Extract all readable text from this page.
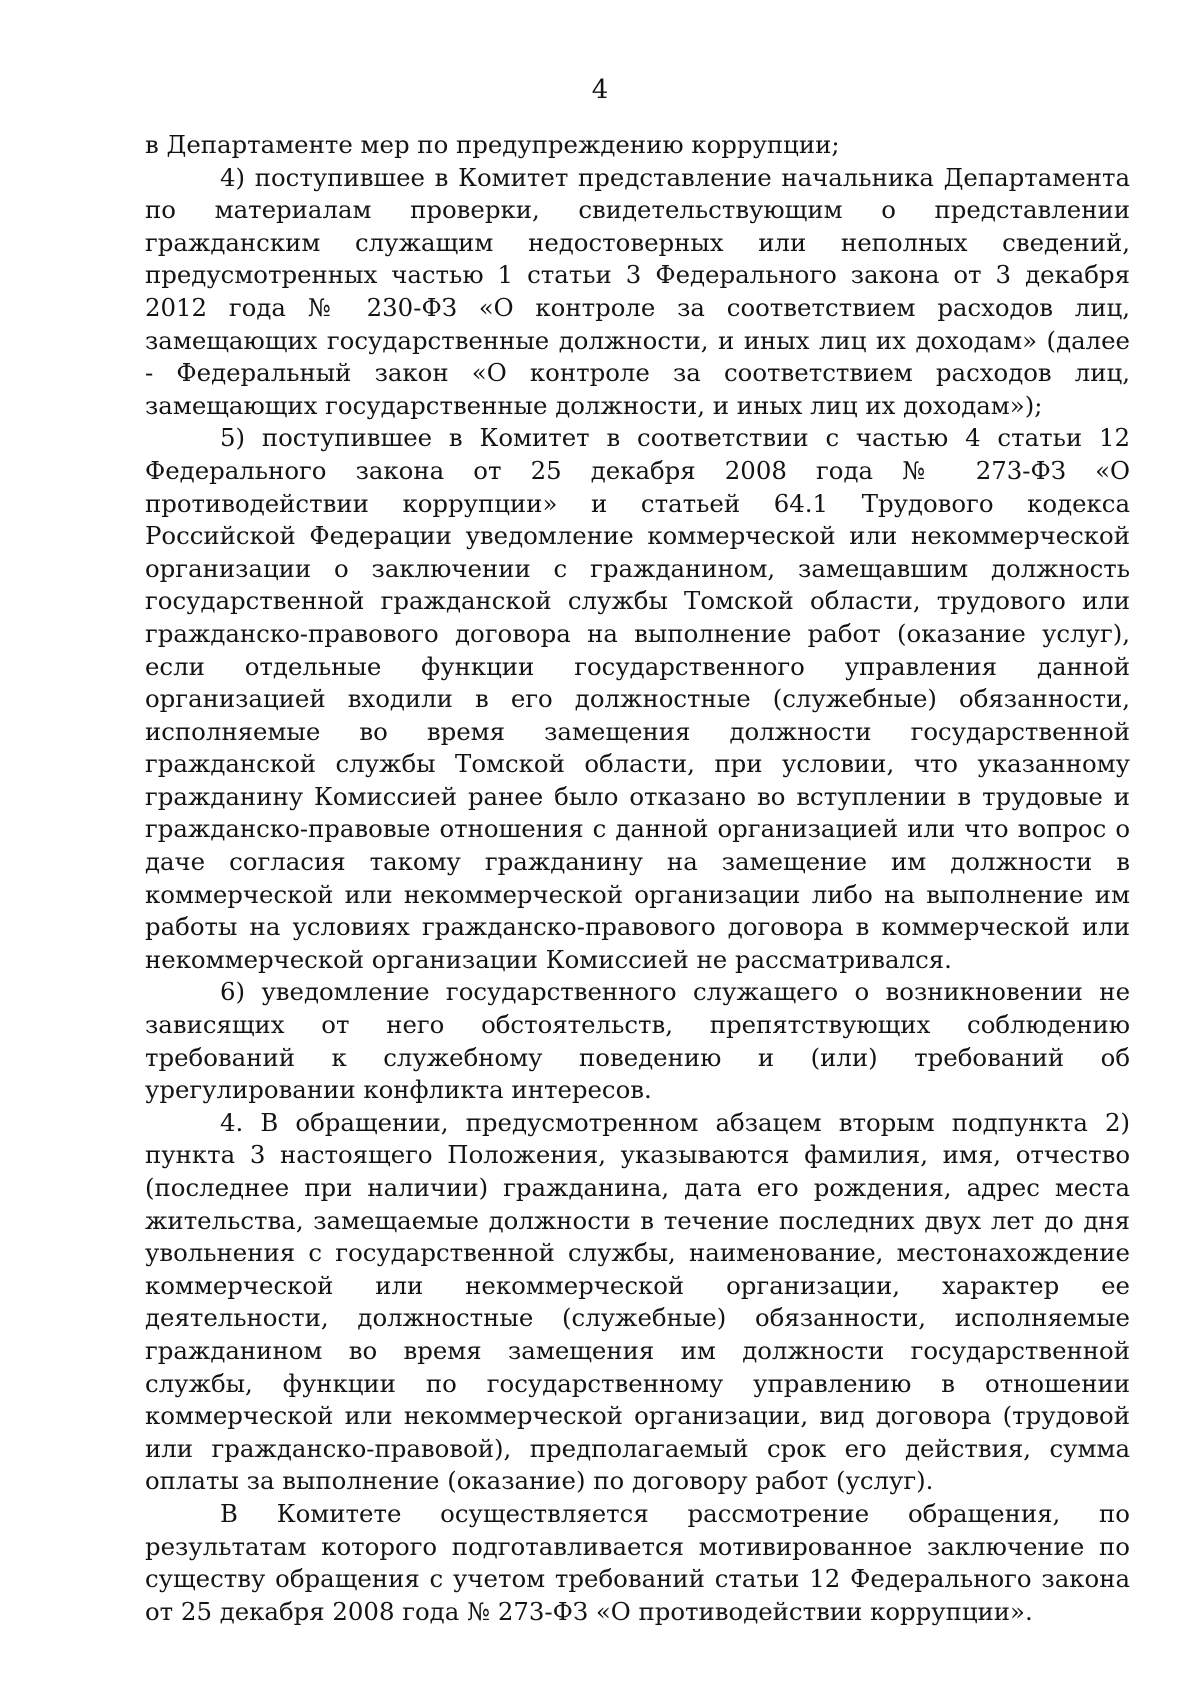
4

в Департаменте мер по предупреждению коррупции;

4) поступившее в Комитет представление начальника Департамента по материалам проверки, свидетельствующим о представлении гражданским служащим недостоверных или неполных сведений, предусмотренных частью 1 статьи 3 Федерального закона от 3 декабря 2012 года № 230-ФЗ «О контроле за соответствием расходов лиц, замещающих государственные должности, и иных лиц их доходам» (далее - Федеральный закон «О контроле за соответствием расходов лиц, замещающих государственные должности, и иных лиц их доходам»);

5) поступившее в Комитет в соответствии с частью 4 статьи 12 Федерального закона от 25 декабря 2008 года № 273-ФЗ «О противодействии коррупции» и статьей 64.1 Трудового кодекса Российской Федерации уведомление коммерческой или некоммерческой организации о заключении с гражданином, замещавшим должность государственной гражданской службы Томской области, трудового или гражданско-правового договора на выполнение работ (оказание услуг), если отдельные функции государственного управления данной организацией входили в его должностные (служебные) обязанности, исполняемые во время замещения должности государственной гражданской службы Томской области, при условии, что указанному гражданину Комиссией ранее было отказано во вступлении в трудовые и гражданско-правовые отношения с данной организацией или что вопрос о даче согласия такому гражданину на замещение им должности в коммерческой или некоммерческой организации либо на выполнение им работы на условиях гражданско-правового договора в коммерческой или некоммерческой организации Комиссией не рассматривался.

6) уведомление государственного служащего о возникновении не зависящих от него обстоятельств, препятствующих соблюдению требований к служебному поведению и (или) требований об урегулировании конфликта интересов.

4. В обращении, предусмотренном абзацем вторым подпункта 2) пункта 3 настоящего Положения, указываются фамилия, имя, отчество (последнее при наличии) гражданина, дата его рождения, адрес места жительства, замещаемые должности в течение последних двух лет до дня увольнения с государственной службы, наименование, местонахождение коммерческой или некоммерческой организации, характер ее деятельности, должностные (служебные) обязанности, исполняемые гражданином во время замещения им должности государственной службы, функции по государственному управлению в отношении коммерческой или некоммерческой организации, вид договора (трудовой или гражданско-правовой), предполагаемый срок его действия, сумма оплаты за выполнение (оказание) по договору работ (услуг).

В Комитете осуществляется рассмотрение обращения, по результатам которого подготавливается мотивированное заключение по существу обращения с учетом требований статьи 12 Федерального закона от 25 декабря 2008 года № 273-ФЗ «О противодействии коррупции».
